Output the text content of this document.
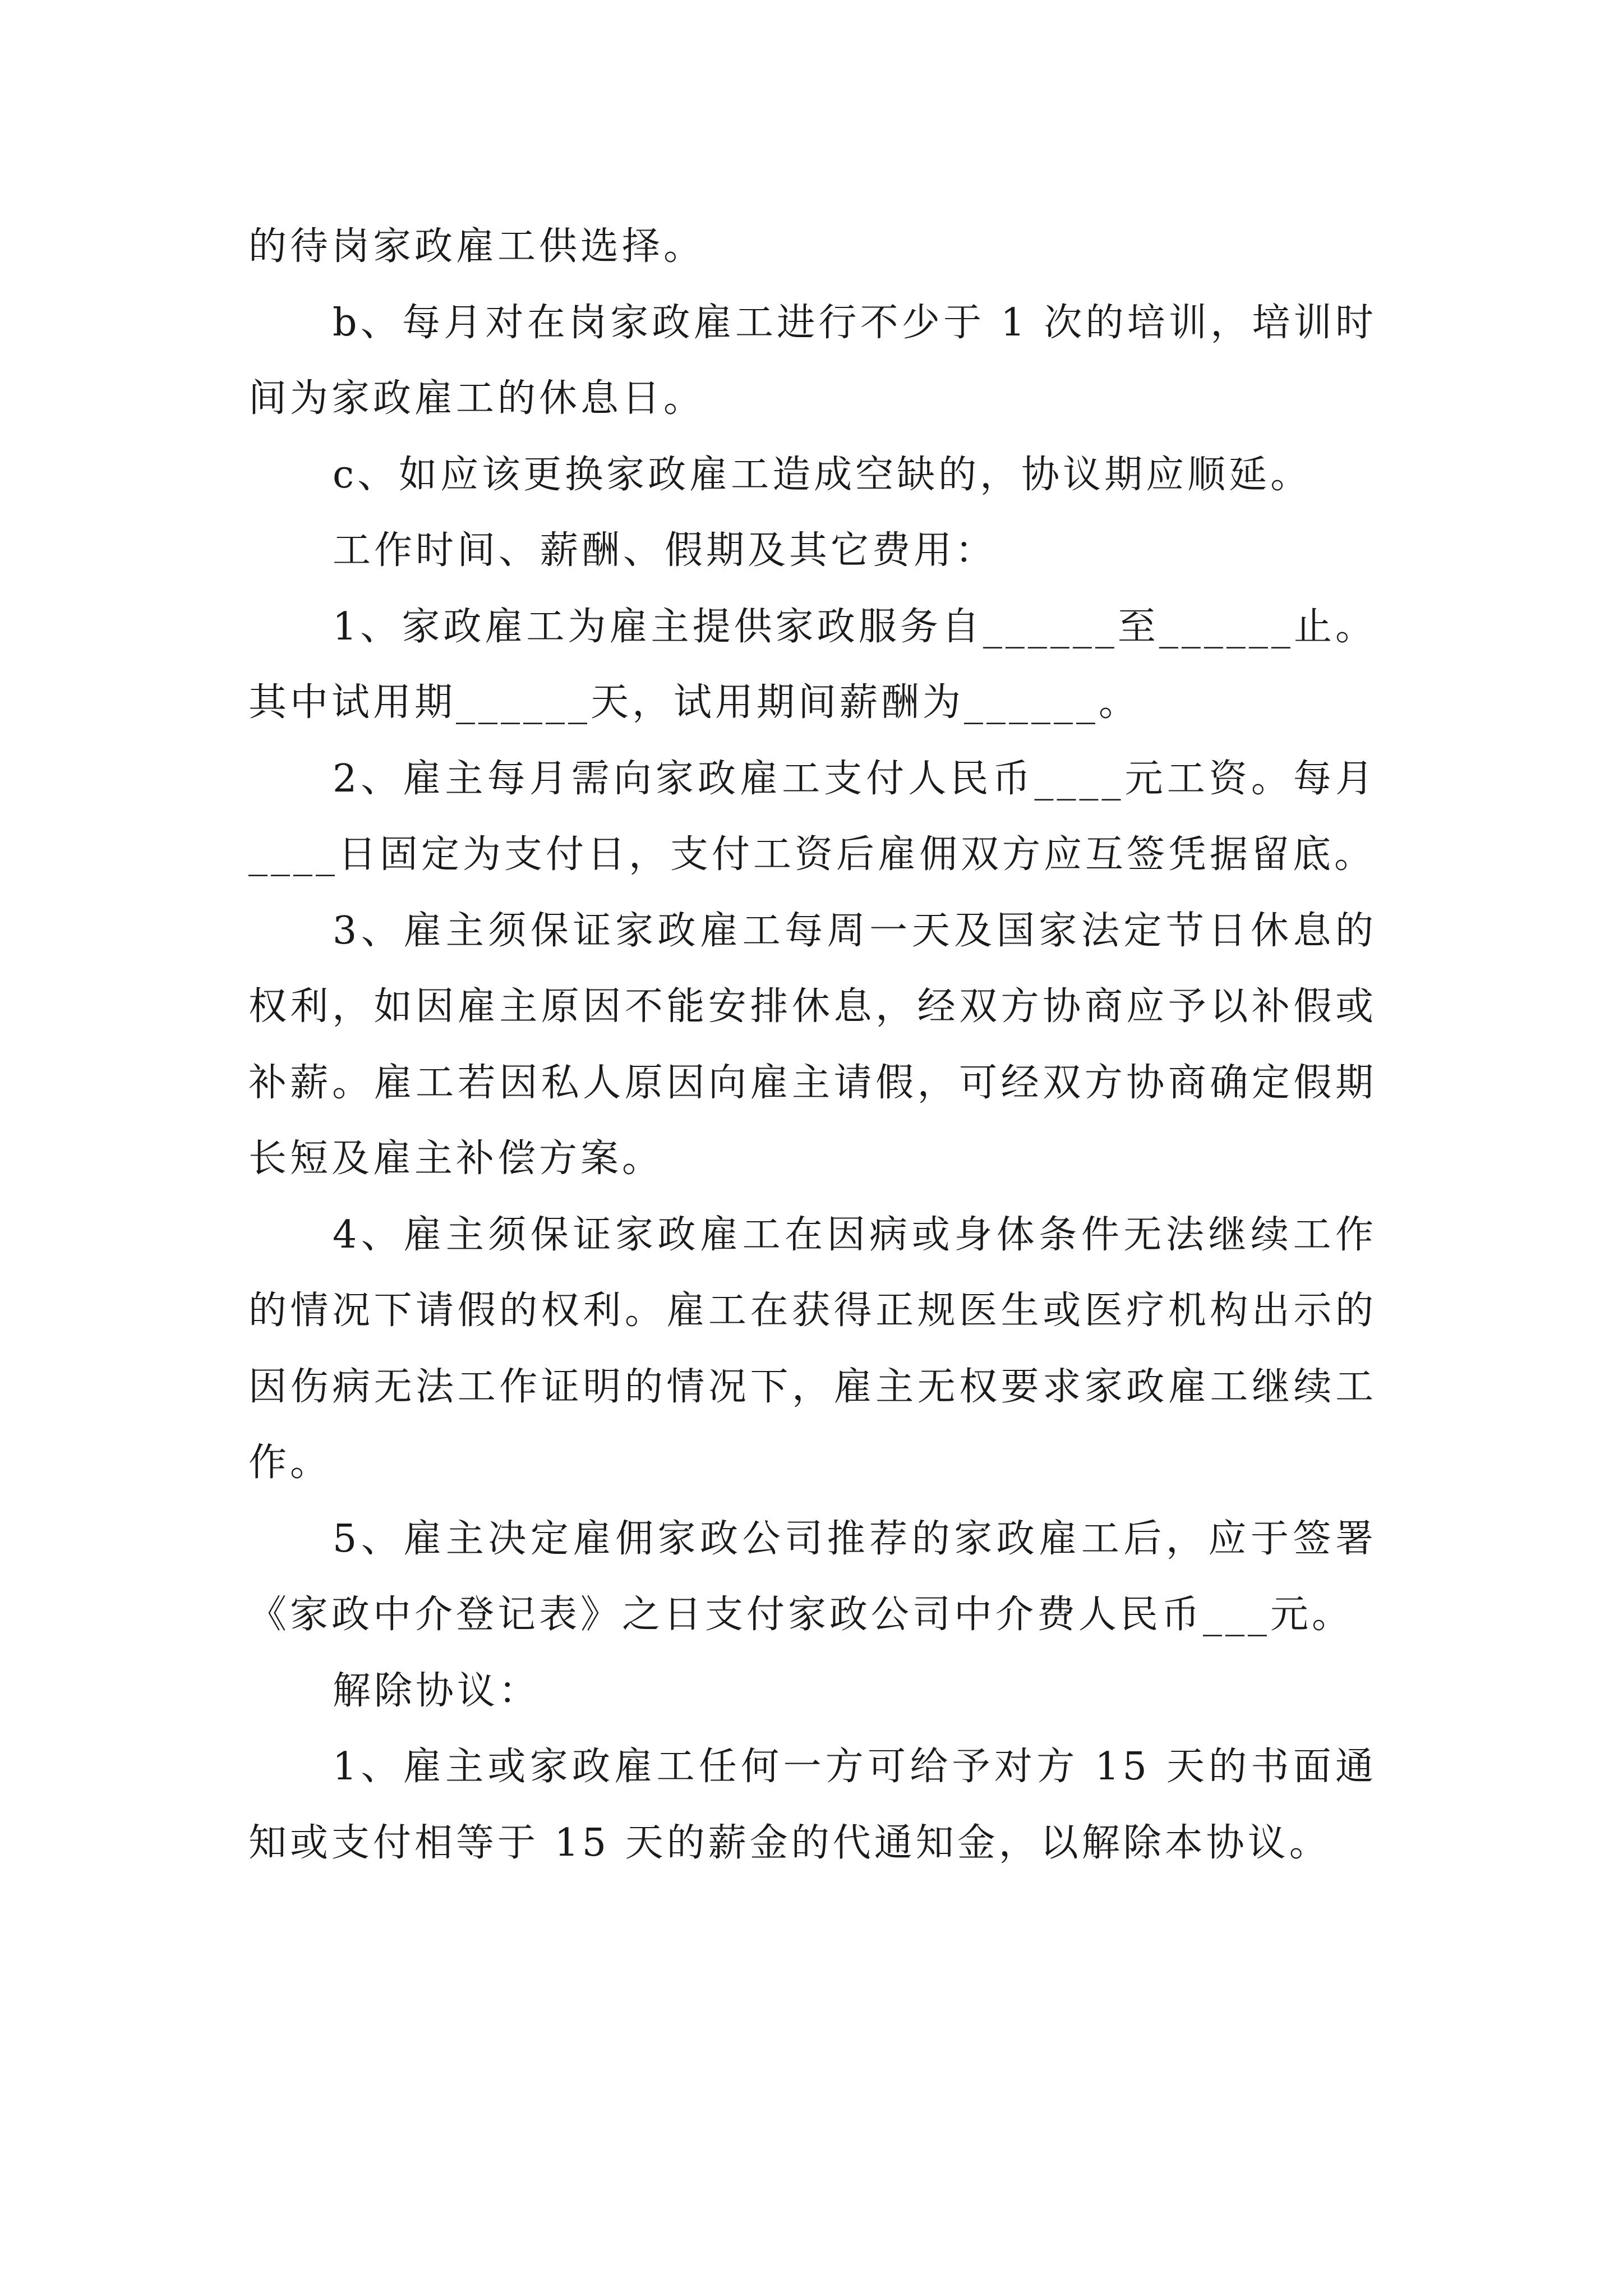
的待岗家政雇工供选择。

b、每月对在岗家政雇工进行不少于 1 次的培训，培训时间为家政雇工的休息日。

c、如应该更换家政雇工造成空缺的，协议期应顺延。

工作时间、薪酬、假期及其它费用：

1、家政雇工为雇主提供家政服务自______至______止。其中试用期______天，试用期间薪酬为______。

2、雇主每月需向家政雇工支付人民币____元工资。每月____日固定为支付日，支付工资后雇佣双方应互签凭据留底。

3、雇主须保证家政雇工每周一天及国家法定节日休息的权利，如因雇主原因不能安排休息，经双方协商应予以补假或补薪。雇工若因私人原因向雇主请假，可经双方协商确定假期长短及雇主补偿方案。

4、雇主须保证家政雇工在因病或身体条件无法继续工作的情况下请假的权利。雇工在获得正规医生或医疗机构出示的因伤病无法工作证明的情况下，雇主无权要求家政雇工继续工作。

5、雇主决定雇佣家政公司推荐的家政雇工后，应于签署《家政中介登记表》之日支付家政公司中介费人民币___元。

解除协议：

1、雇主或家政雇工任何一方可给予对方 15 天的书面通知或支付相等于 15 天的薪金的代通知金，以解除本协议。
